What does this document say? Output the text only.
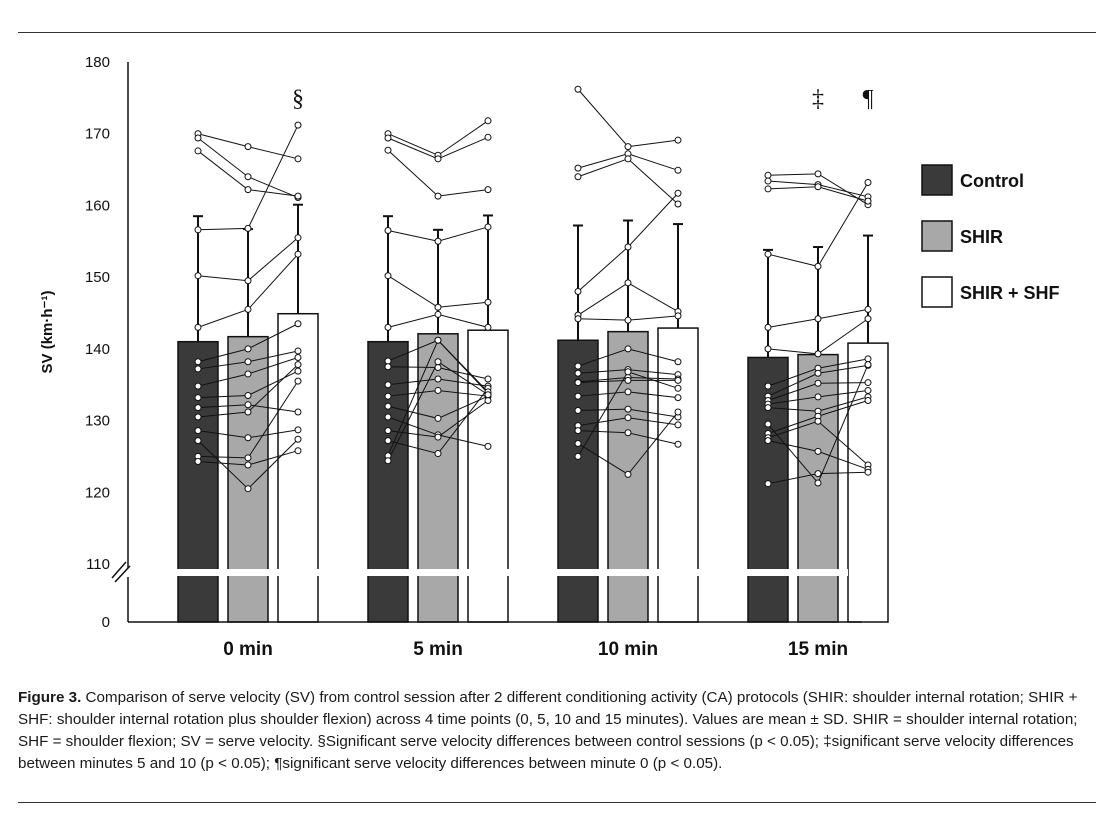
0 min	5 min	10 min	15 min
0
110
120
130
140
150
160
170
180
SV (km·h⁻¹)
§	‡ ¶
Control
SHIR
SHIR + SHF

Figure 3. Comparison of serve velocity (SV) from control session after 2 different conditioning activity (CA) protocols (SHIR: shoulder internal rotation; SHIR + SHF: shoulder internal rotation plus shoulder flexion) across 4 time points (0, 5, 10 and 15 minutes). Values are mean ± SD. SHIR = shoulder internal rotation; SHF = shoulder flexion; SV = serve velocity. §Significant serve velocity differences between control sessions (p < 0.05); ‡significant serve velocity differences between minutes 5 and 10 (p < 0.05); ¶significant serve velocity differences between minute 0 (p < 0.05).
